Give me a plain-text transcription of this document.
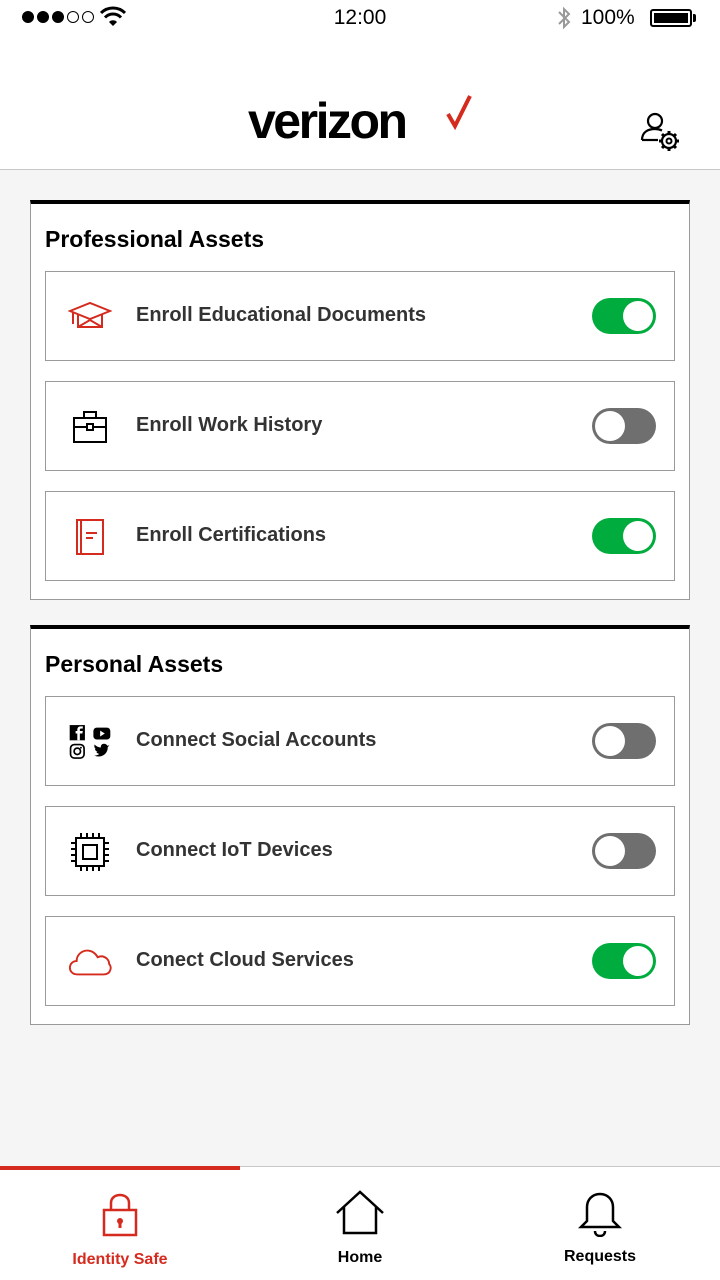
12:00	100%
verizon
Professional Assets
Enroll Educational Documents
Enroll Work History
Enroll Certifications
Personal Assets
Connect Social Accounts
Connect IoT Devices
Conect Cloud Services
Identity Safe	Home	Requests
